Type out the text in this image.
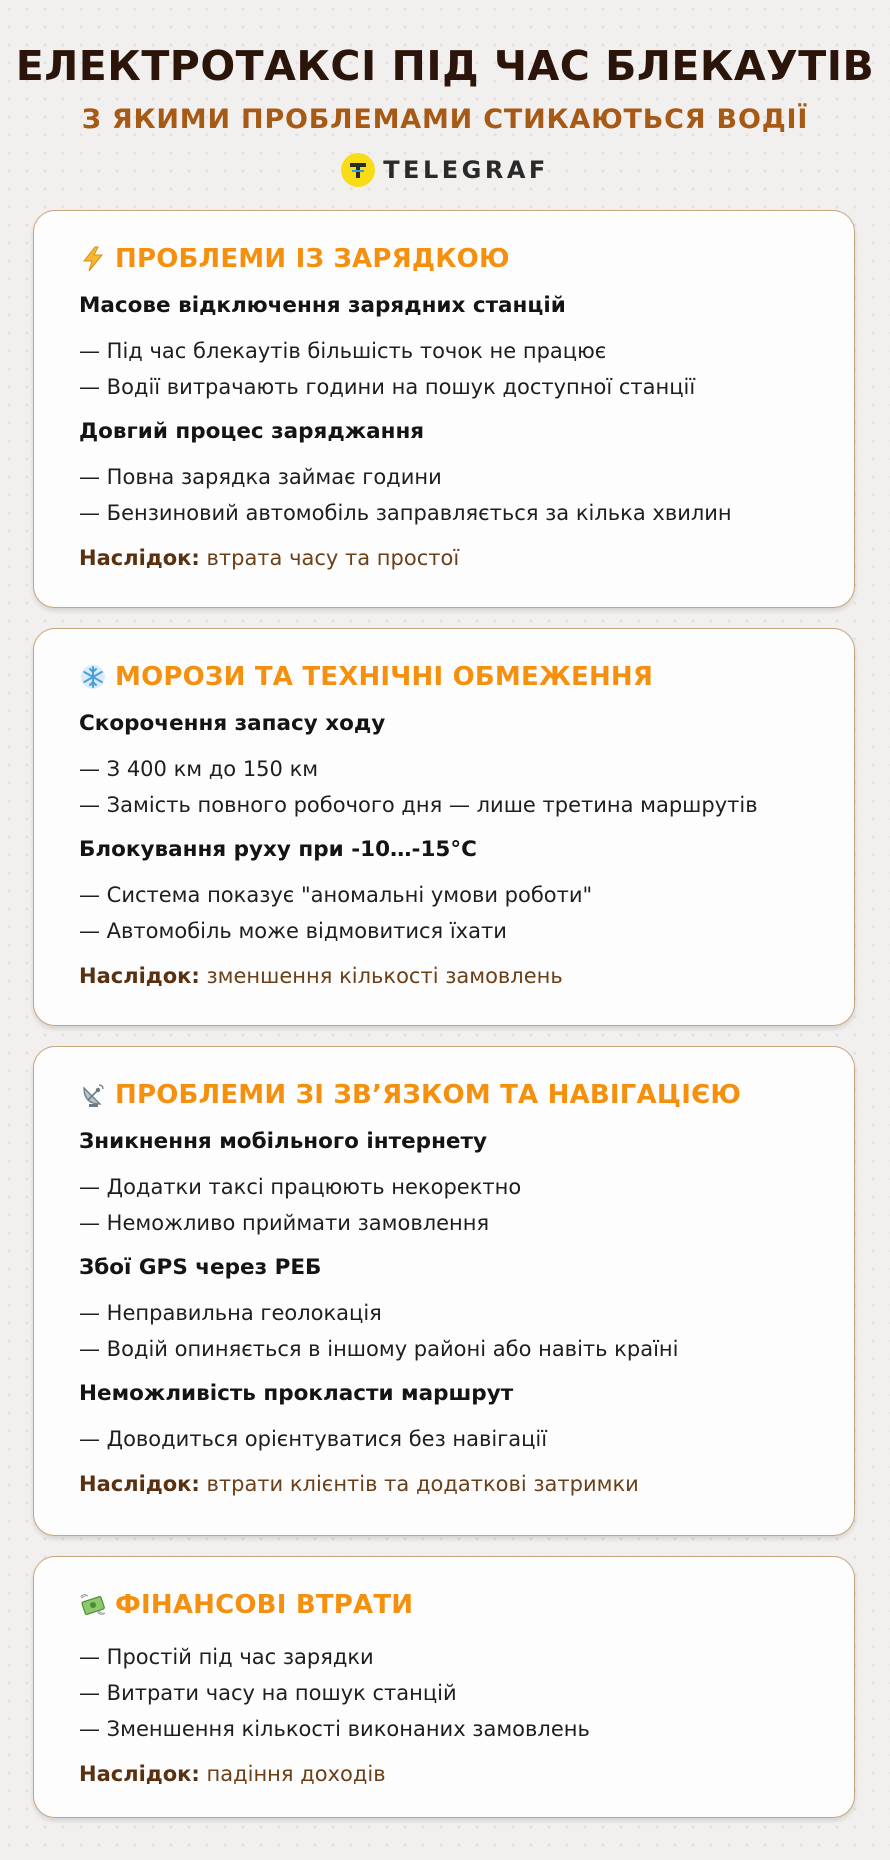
ЕЛЕКТРОТАКСІ ПІД ЧАС БЛЕКАУТІВ
З ЯКИМИ ПРОБЛЕМАМИ СТИКАЮТЬСЯ ВОДІЇ
TELEGRAF
ПРОБЛЕМИ ІЗ ЗАРЯДКОЮ
Масове відключення зарядних станцій
— Під час блекаутів більшість точок не працює
— Водії витрачають години на пошук доступної станції
Довгий процес заряджання
— Повна зарядка займає години
— Бензиновий автомобіль заправляється за кілька хвилин
Наслідок: втрата часу та простої
МОРОЗИ ТА ТЕХНІЧНІ ОБМЕЖЕННЯ
Скорочення запасу ходу
— З 400 км до 150 км
— Замість повного робочого дня — лише третина маршрутів
Блокування руху при -10…-15°C
— Система показує "аномальні умови роботи"
— Автомобіль може відмовитися їхати
Наслідок: зменшення кількості замовлень
ПРОБЛЕМИ ЗІ ЗВ’ЯЗКОМ ТА НАВІГАЦІЄЮ
Зникнення мобільного інтернету
— Додатки таксі працюють некоректно
— Неможливо приймати замовлення
Збої GPS через РЕБ
— Неправильна геолокація
— Водій опиняється в іншому районі або навіть країні
Неможливість прокласти маршрут
— Доводиться орієнтуватися без навігації
Наслідок: втрати клієнтів та додаткові затримки
ФІНАНСОВІ ВТРАТИ
— Простій під час зарядки
— Витрати часу на пошук станцій
— Зменшення кількості виконаних замовлень
Наслідок: падіння доходів
